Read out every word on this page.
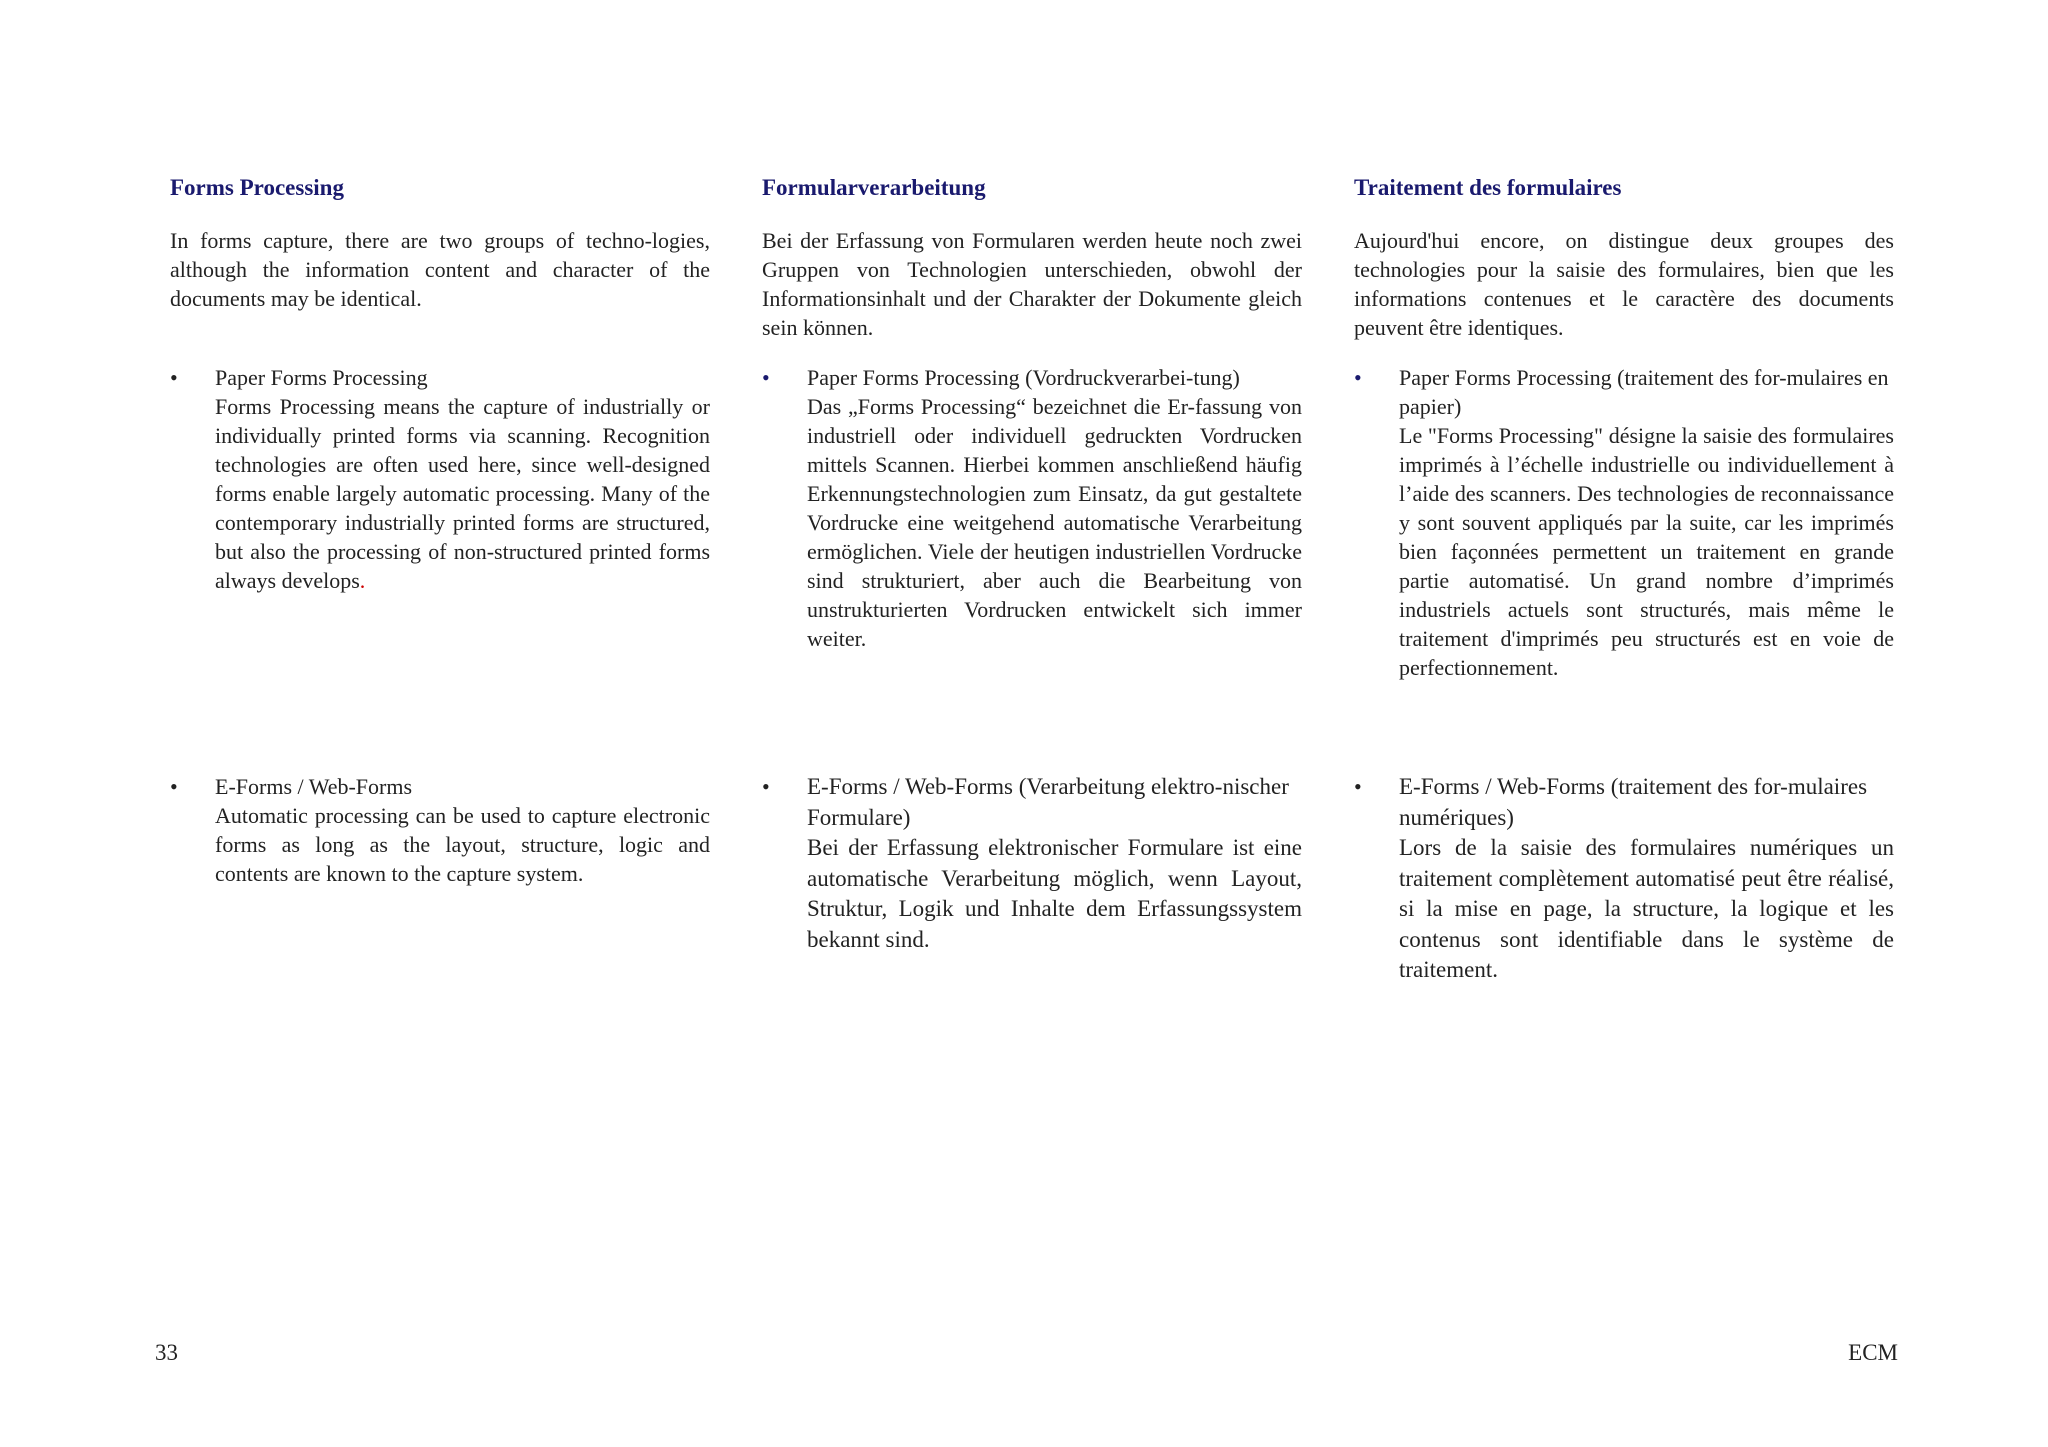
Forms Processing

In forms capture, there are two groups of techno-logies, although the information content and character of the documents may be identical.

•	Paper Forms Processing
Forms Processing means the capture of industrially or individually printed forms via scanning. Recognition technologies are often used here, since well-designed forms enable largely automatic processing. Many of the contemporary industrially printed forms are structured, but also the processing of non-structured printed forms always develops.
•	E-Forms / Web-Forms
Automatic processing can be used to capture electronic forms as long as the layout, structure, logic and contents are known to the capture system.
Formularverarbeitung

Bei der Erfassung von Formularen werden heute noch zwei Gruppen von Technologien unterschieden, obwohl der Informationsinhalt und der Charakter der Dokumente gleich sein können.

•	Paper Forms Processing (Vordruckverarbei-tung)
Das „Forms Processing“ bezeichnet die Er-fassung von industriell oder individuell gedruckten Vordrucken mittels Scannen. Hierbei kommen anschließend häufig Erkennungstechnologien zum Einsatz, da gut gestaltete Vordrucke eine weitgehend automatische Verarbeitung ermöglichen. Viele der heutigen industriellen Vordrucke sind strukturiert, aber auch die Bearbeitung von unstrukturierten Vordrucken entwickelt sich immer weiter.
•	E-Forms / Web-Forms (Verarbeitung elektro-nischer Formulare)
Bei der Erfassung elektronischer Formulare ist eine automatische Verarbeitung möglich, wenn Layout, Struktur, Logik und Inhalte dem Erfassungssystem bekannt sind.
Traitement des formulaires

Aujourd'hui encore, on distingue deux groupes des technologies pour la saisie des formulaires, bien que les informations contenues et le caractère des documents peuvent être identiques.

•	Paper Forms Processing (traitement des for-mulaires en papier)
Le "Forms Processing" désigne la saisie des formulaires imprimés à l’échelle industrielle ou individuellement à l’aide des scanners. Des technologies de reconnaissance y sont souvent appliqués par la suite, car les imprimés bien façonnées permettent un traitement en grande partie automatisé. Un grand nombre d’imprimés industriels actuels sont structurés, mais même le traitement d'imprimés peu structurés est en voie de perfectionnement.
•	E-Forms / Web-Forms (traitement des for-mulaires numériques)
Lors de la saisie des formulaires numériques un traitement complètement automatisé peut être réalisé, si la mise en page, la structure, la logique et les contenus sont identifiable dans le système de traitement.
33	ECM
